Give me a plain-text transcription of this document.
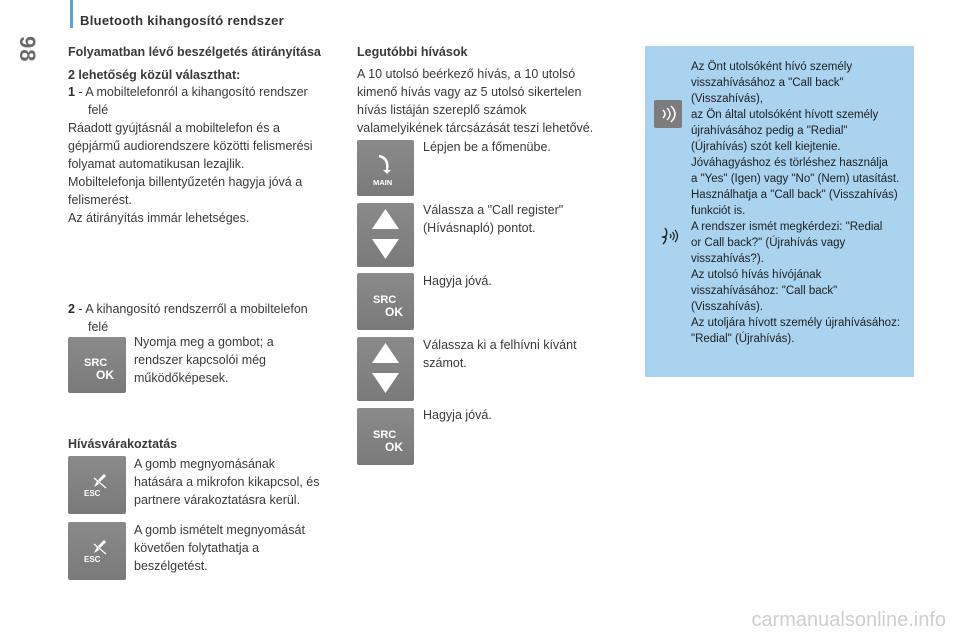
98
Bluetooth kihangosító rendszer
Folyamatban lévő beszélgetés átirányítása
2 lehetőség közül választhat:
1 - A mobiltelefonról a kihangosító rendszer
felé
Ráadott gyújtásnál a mobiltelefon és a
gépjármű audiorendszere közötti felismerési
folyamat automatikusan lezajlik.
Mobiltelefonja billentyűzetén hagyja jóvá a
felismerést.
Az átirányítás immár lehetséges.
2 - A kihangosító rendszerről a mobiltelefon
felé
SRC
OK
Nyomja meg a gombot; a
rendszer kapcsolói még
működőképesek.
Hívásvárakoztatás
ESC
A gomb megnyomásának
hatására a mikrofon kikapcsol, és
partnere várakoztatásra kerül.
ESC
A gomb ismételt megnyomását
követően folytathatja a
beszélgetést.
Legutóbbi hívások
A 10 utolsó beérkező hívás, a 10 utolsó
kimenő hívás vagy az 5 utolsó sikertelen
hívás listáján szereplő számok
valamelyikének tárcsázását teszi lehetővé.
MAIN
Lépjen be a főmenübe.
Válassza a "Call register"
(Hívásnapló) pontot.
SRC
OK
Hagyja jóvá.
Válassza ki a felhívni kívánt
számot.
SRC
OK
Hagyja jóvá.
Az Önt utolsóként hívó személy
visszahívásához a "Call back"
(Visszahívás),
az Ön által utolsóként hívott személy
újrahívásához pedig a "Redial"
(Újrahívás) szót kell kiejtenie.
Jóváhagyáshoz és törléshez használja
a "Yes" (Igen) vagy "No" (Nem) utasítást.
Használhatja a "Call back" (Visszahívás)
funkciót is.
A rendszer ismét megkérdezi: "Redial
or Call back?" (Újrahívás vagy
visszahívás?).
Az utolsó hívás hívójának
visszahívásához: "Call back"
(Visszahívás).
Az utoljára hívott személy újrahívásához:
"Redial" (Újrahívás).
carmanualsonline.info
